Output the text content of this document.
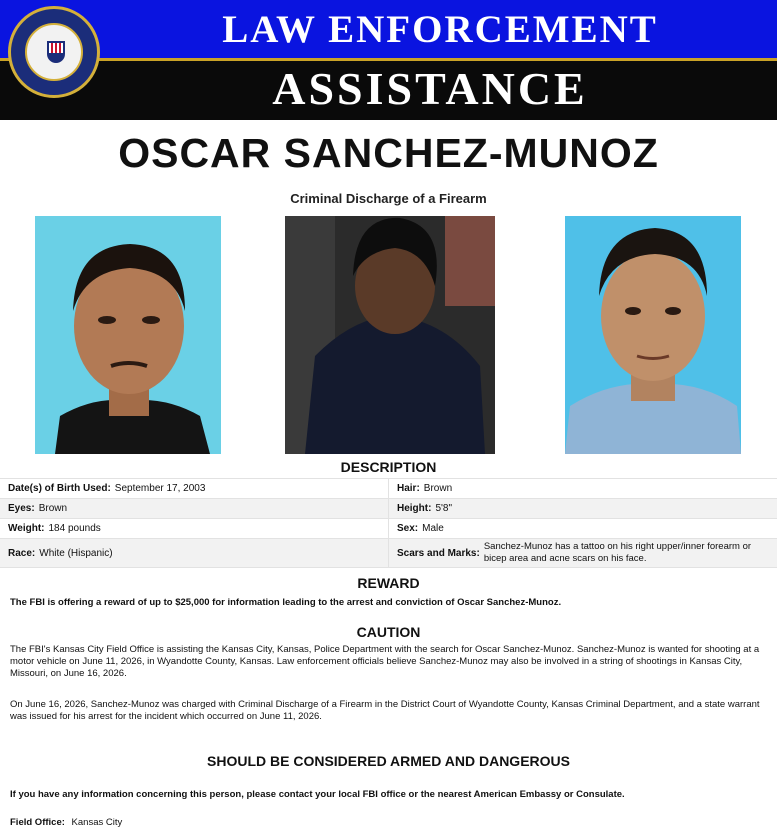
LAW ENFORCEMENT
ASSISTANCE
OSCAR SANCHEZ-MUNOZ
Criminal Discharge of a Firearm
DESCRIPTION
Date(s) of Birth Used: September 17, 2003	Hair: Brown
Eyes: Brown	Height: 5'8"
Weight: 184 pounds	Sex: Male
Race: White (Hispanic)	Scars and Marks:
Sanchez-Munoz has a tattoo on his right upper/inner forearm or bicep area and acne scars on his face.
REWARD
The FBI is offering a reward of up to $25,000 for information leading to the arrest and conviction of Oscar Sanchez-Munoz.
CAUTION
The FBI's Kansas City Field Office is assisting the Kansas City, Kansas, Police Department with the search for Oscar Sanchez-Munoz. Sanchez-Munoz is wanted for shooting at a motor vehicle on June 11, 2026, in Wyandotte County, Kansas. Law enforcement officials believe Sanchez-Munoz may also be involved in a string of shootings in Kansas City, Missouri, on June 16, 2026.
On June 16, 2026, Sanchez-Munoz was charged with Criminal Discharge of a Firearm in the District Court of Wyandotte County, Kansas Criminal Department, and a state warrant was issued for his arrest for the incident which occurred on June 11, 2026.
SHOULD BE CONSIDERED ARMED AND DANGEROUS
If you have any information concerning this person, please contact your local FBI office or the nearest American Embassy or Consulate.
Field Office: Kansas City
